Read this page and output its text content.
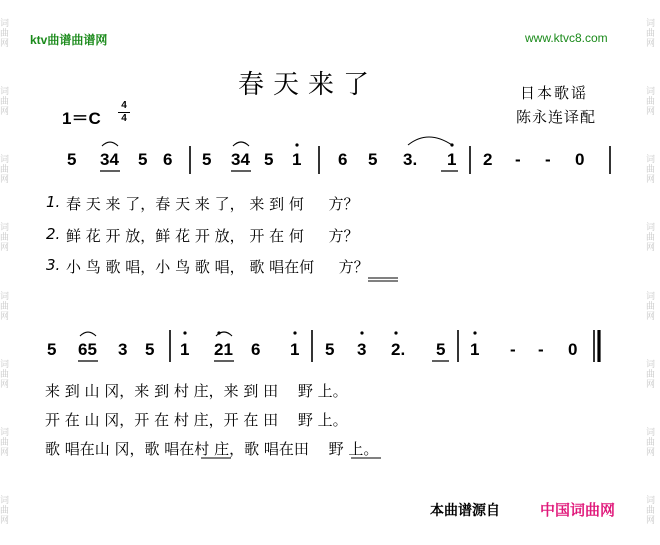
词曲网
词曲网
词曲网
词曲网
词曲网
词曲网
词曲网
词曲网
词曲网
词曲网
词曲网
词曲网
词曲网
词曲网
词曲网
词曲网
ktv曲谱曲谱网	www.ktvc8.com
春天来了	日本歌谣
陈永连译配
1＝C
4
4
5 34 5 6 5 34 5 1 6 5 3. 1 2 - - 0
1. 春 天 来 了，春 天 来 了， 来 到 何 　 方？
2. 鲜 花 开 放，鲜 花 开 放， 开 在 何 　 方？
3. 小 鸟 歌 唱，小 鸟 歌 唱， 歌 唱在何 　 方？
5 65 3 5 1 21 6 1 5 3 2. 5 1 - - 0
来 到 山 冈，来 到 村 庄，来 到 田 　野 上。
开 在 山 冈，开 在 村 庄，开 在 田 　野 上。
歌 唱在山 冈，歌 唱在村 庄，歌 唱在田 　野 上。
本曲谱源自	中国词曲网
